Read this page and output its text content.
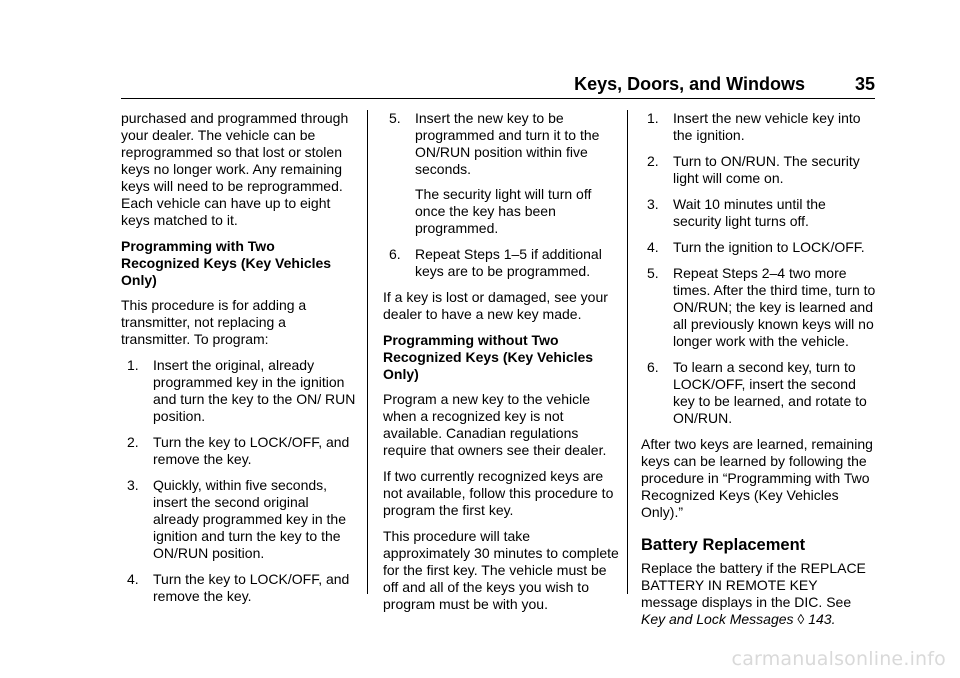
Keys, Doors, and Windows	35

purchased and programmed through your dealer. The vehicle can be reprogrammed so that lost or stolen keys no longer work. Any remaining keys will need to be reprogrammed. Each vehicle can have up to eight keys matched to it.

Programming with Two Recognized Keys (Key Vehicles Only)

This procedure is for adding a transmitter, not replacing a transmitter. To program:

1. Insert the original, already programmed key in the ignition and turn the key to the ON/ RUN position.
2. Turn the key to LOCK/OFF, and remove the key.
3. Quickly, within five seconds, insert the second original already programmed key in the ignition and turn the key to the ON/RUN position.
4. Turn the key to LOCK/OFF, and remove the key.
5. Insert the new key to be programmed and turn it to the ON/RUN position within five seconds.
The security light will turn off once the key has been programmed.
6. Repeat Steps 1–5 if additional keys are to be programmed.

If a key is lost or damaged, see your dealer to have a new key made.

Programming without Two Recognized Keys (Key Vehicles Only)

Program a new key to the vehicle when a recognized key is not available. Canadian regulations require that owners see their dealer.

If two currently recognized keys are not available, follow this procedure to program the first key.

This procedure will take approximately 30 minutes to complete for the first key. The vehicle must be off and all of the keys you wish to program must be with you.

1. Insert the new vehicle key into the ignition.
2. Turn to ON/RUN. The security light will come on.
3. Wait 10 minutes until the security light turns off.
4. Turn the ignition to LOCK/OFF.
5. Repeat Steps 2–4 two more times. After the third time, turn to ON/RUN; the key is learned and all previously known keys will no longer work with the vehicle.
6. To learn a second key, turn to LOCK/OFF, insert the second key to be learned, and rotate to ON/RUN.

After two keys are learned, remaining keys can be learned by following the procedure in “Programming with Two Recognized Keys (Key Vehicles Only).”

Battery Replacement

Replace the battery if the REPLACE BATTERY IN REMOTE KEY message displays in the DIC. See Key and Lock Messages ◊ 143.

carmanualsonline.info
